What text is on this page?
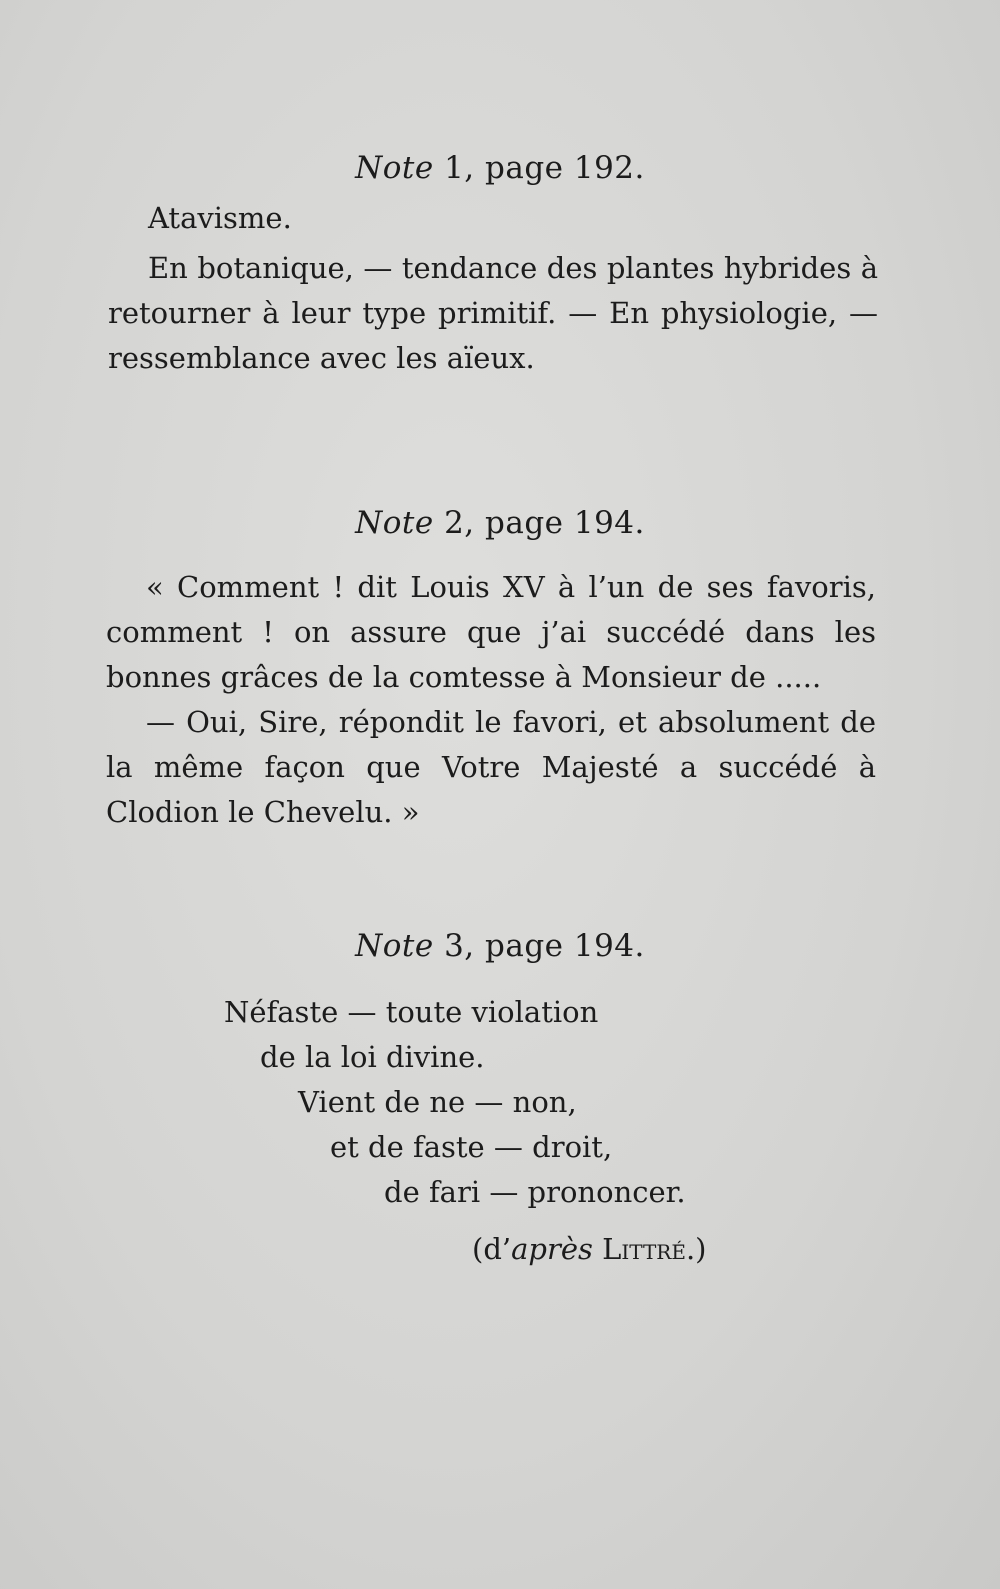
Note 1, page 192.

Atavisme.

En botanique, — tendance des plantes hybrides à retourner à leur type primitif. — En physiologie, — ressemblance avec les aïeux.

Note 2, page 194.

« Comment ! dit Louis XV à l’un de ses favoris, comment ! on assure que j’ai succédé dans les bonnes grâces de la comtesse à Monsieur de .....

— Oui, Sire, répondit le favori, et absolument de la même façon que Votre Majesté a succédé à Clodion le Chevelu. »

Note 3, page 194.
Néfaste — toute violation
de la loi divine.
Vient de ne — non,
et de faste — droit,
de fari — prononcer.
(d’après Littré.)
